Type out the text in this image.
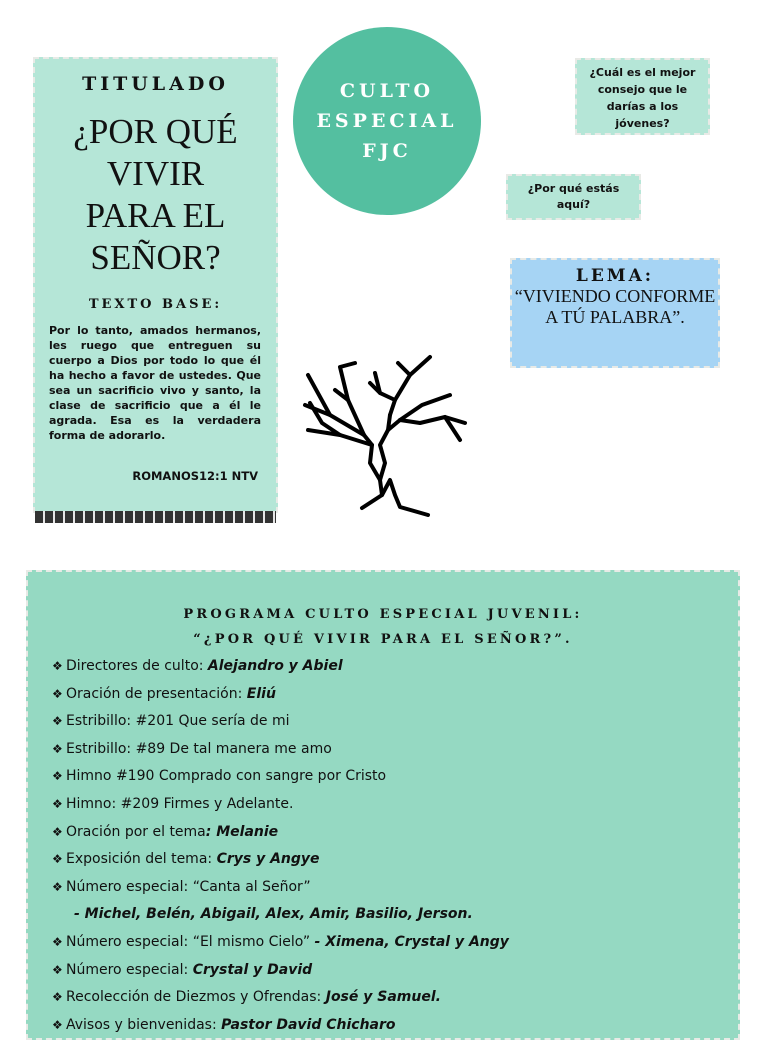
TITULADO
¿POR QUÉ
VIVIR
PARA EL
SEÑOR?
TEXTO BASE:
Por lo tanto, amados hermanos, les ruego que entreguen su cuerpo a Dios por todo lo que él ha hecho a favor de ustedes. Que sea un sacrificio vivo y santo, la clase de sacrificio que a él le agrada. Esa es la verdadera forma de adorarlo.
ROMANOS12:1 NTV
CULTO
ESPECIAL
FJC
¿Cuál es el mejor consejo que le darías a los jóvenes?
¿Por qué estás aquí?
LEMA:
“VIVIENDO CONFORME A TÚ PALABRA”.
PROGRAMA CULTO ESPECIAL JUVENIL:
“¿POR QUÉ VIVIR PARA EL SEÑOR?”.
❖ Directores de culto: Alejandro y Abiel
❖ Oración de presentación: Eliú
❖ Estribillo: #201 Que sería de mi
❖ Estribillo: #89 De tal manera me amo
❖ Himno #190 Comprado con sangre por Cristo
❖ Himno: #209 Firmes y Adelante.
❖ Oración por el tema: Melanie
❖ Exposición del tema: Crys y Angye
❖ Número especial: “Canta al Señor”
- Michel, Belén, Abigail, Alex, Amir, Basilio, Jerson.
❖ Número especial: “El mismo Cielo” - Ximena, Crystal y Angy
❖ Número especial: Crystal y David
❖ Recolección de Diezmos y Ofrendas: José y Samuel.
❖ Avisos y bienvenidas: Pastor David Chicharo
